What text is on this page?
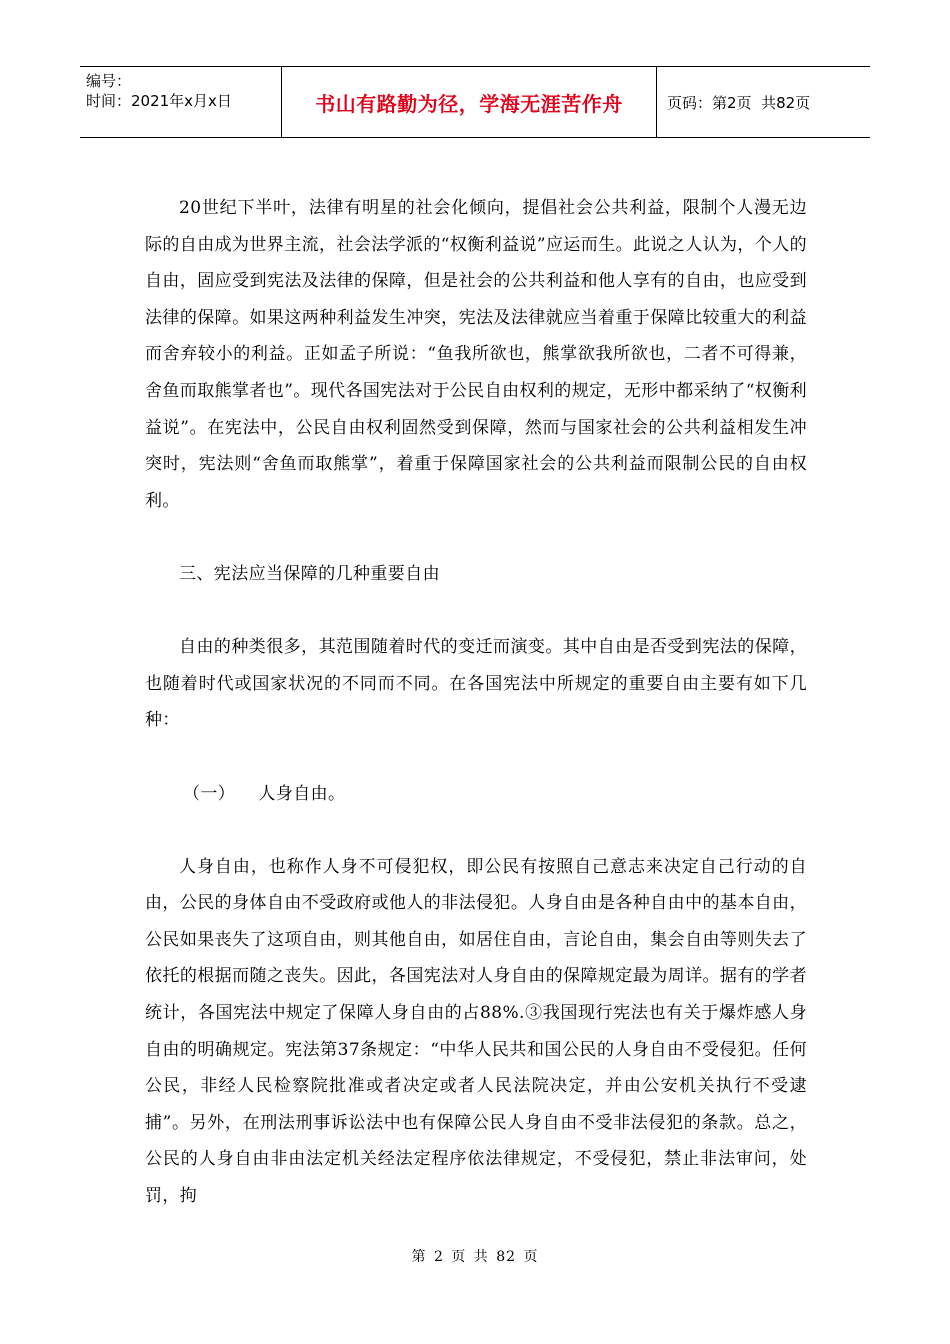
编号：
时间：2021年x月x日	书山有路勤为径，学海无涯苦作舟	页码：第2页  共82页

20世纪下半叶，法律有明星的社会化倾向，提倡社会公共利益，限制个人漫无边际的自由成为世界主流，社会法学派的“权衡利益说”应运而生。此说之人认为，个人的自由，固应受到宪法及法律的保障，但是社会的公共利益和他人享有的自由，也应受到法律的保障。如果这两种利益发生冲突，宪法及法律就应当着重于保障比较重大的利益而舍弃较小的利益。正如孟子所说：“鱼我所欲也，熊掌欲我所欲也，二者不可得兼，舍鱼而取熊掌者也”。现代各国宪法对于公民自由权利的规定，无形中都采纳了“权衡利益说”。在宪法中，公民自由权利固然受到保障，然而与国家社会的公共利益相发生冲突时，宪法则“舍鱼而取熊掌”，着重于保障国家社会的公共利益而限制公民的自由权利。

三、宪法应当保障的几种重要自由

自由的种类很多，其范围随着时代的变迁而演变。其中自由是否受到宪法的保障，也随着时代或国家状况的不同而不同。在各国宪法中所规定的重要自由主要有如下几种：

（一）    人身自由。

人身自由，也称作人身不可侵犯权，即公民有按照自己意志来决定自己行动的自由，公民的身体自由不受政府或他人的非法侵犯。人身自由是各种自由中的基本自由，公民如果丧失了这项自由，则其他自由，如居住自由，言论自由，集会自由等则失去了依托的根据而随之丧失。因此，各国宪法对人身自由的保障规定最为周详。据有的学者统计，各国宪法中规定了保障人身自由的占88%.③我国现行宪法也有关于爆炸感人身自由的明确规定。宪法第37条规定：“中华人民共和国公民的人身自由不受侵犯。任何公民，非经人民检察院批准或者决定或者人民法院决定，并由公安机关执行不受逮捕”。另外，在刑法刑事诉讼法中也有保障公民人身自由不受非法侵犯的条款。总之，公民的人身自由非由法定机关经法定程序依法律规定，不受侵犯，禁止非法审问，处罚，拘

第 2 页 共 82 页
